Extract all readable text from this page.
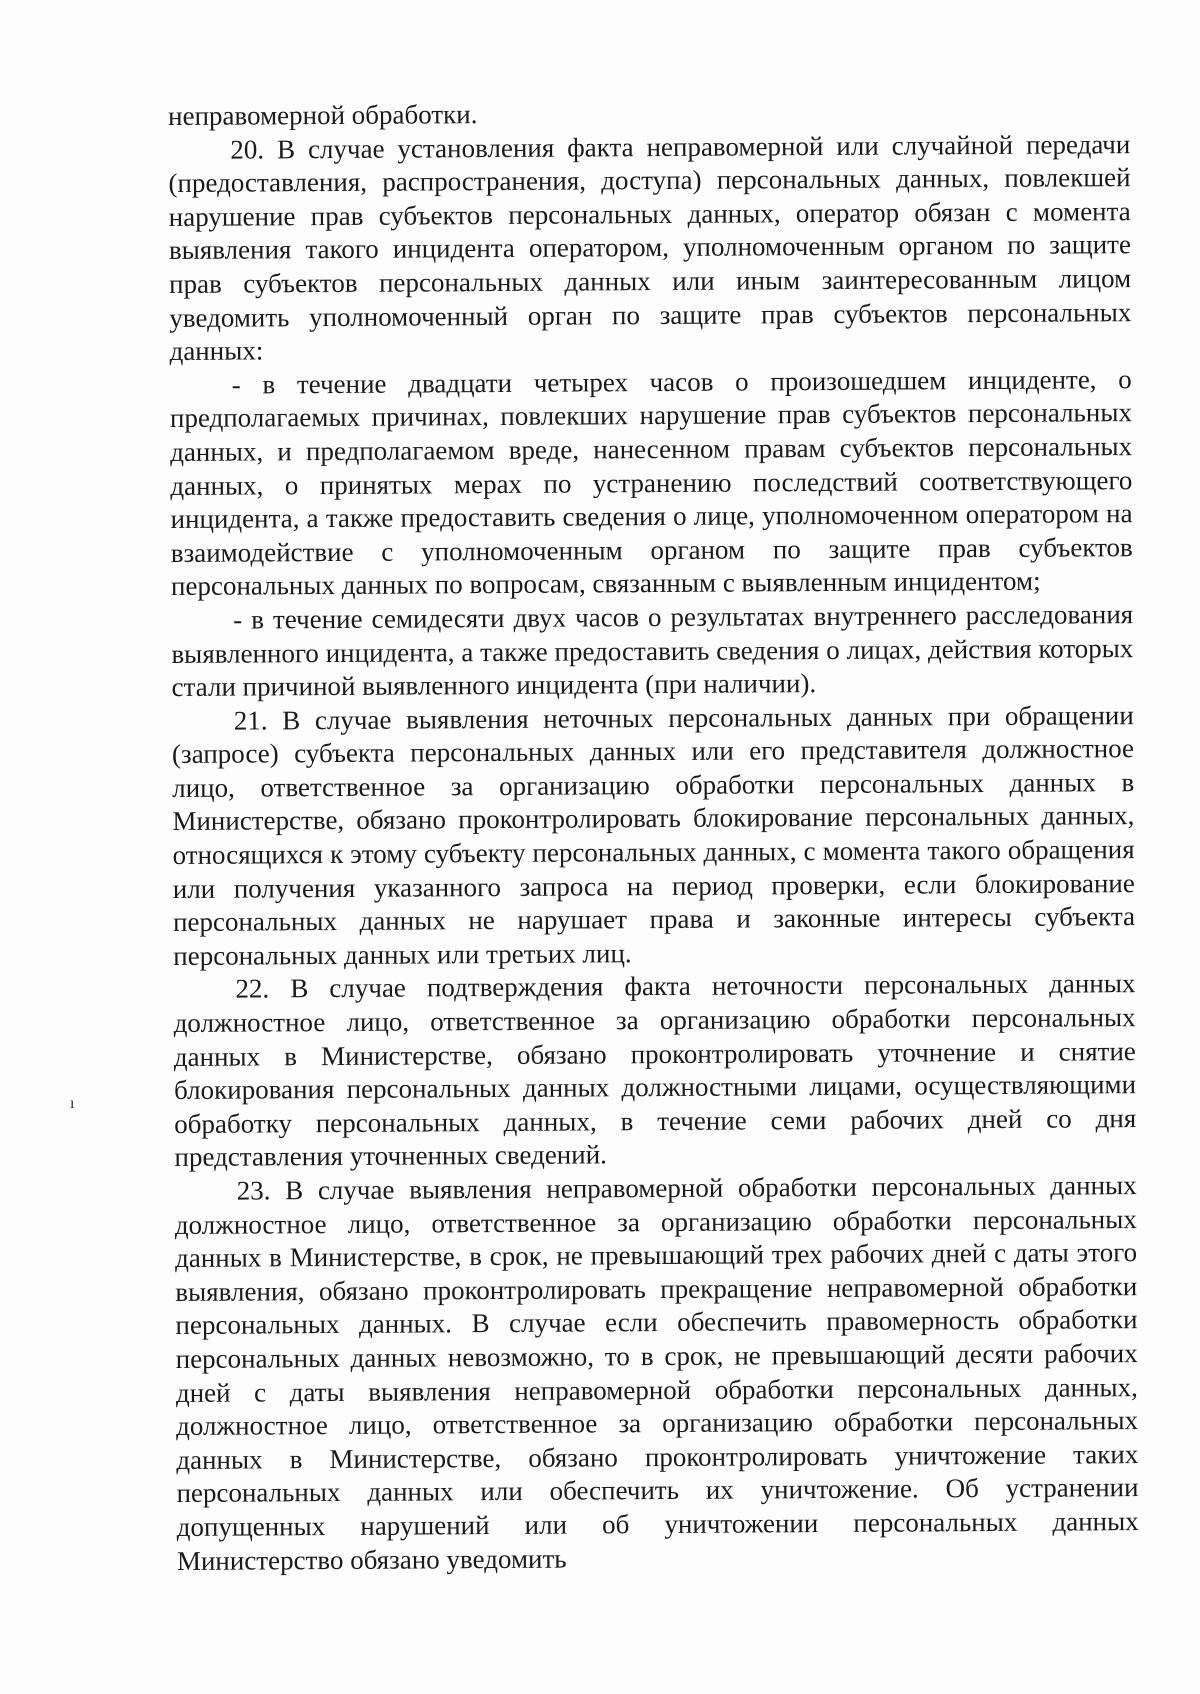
неправомерной обработки.

20. В случае установления факта неправомерной или случайной передачи (предоставления, распространения, доступа) персональных данных, повлекшей нарушение прав субъектов персональных данных, оператор обязан с момента выявления такого инцидента оператором, уполномоченным органом по защите прав субъектов персональных данных или иным заинтересованным лицом уведомить уполномоченный орган по защите прав субъектов персональных данных:

- в течение двадцати четырех часов о произошедшем инциденте, о предполагаемых причинах, повлекших нарушение прав субъектов персональных данных, и предполагаемом вреде, нанесенном правам субъектов персональных данных, о принятых мерах по устранению последствий соответствующего инцидента, а также предоставить сведения о лице, уполномоченном оператором на взаимодействие с уполномоченным органом по защите прав субъектов персональных данных по вопросам, связанным с выявленным инцидентом;

- в течение семидесяти двух часов о результатах внутреннего расследования выявленного инцидента, а также предоставить сведения о лицах, действия которых стали причиной выявленного инцидента (при наличии).

21. В случае выявления неточных персональных данных при обращении (запросе) субъекта персональных данных или его представителя должностное лицо, ответственное за организацию обработки персональных данных в Министерстве, обязано проконтролировать блокирование персональных данных, относящихся к этому субъекту персональных данных, с момента такого обращения или получения указанного запроса на период проверки, если блокирование персональных данных не нарушает права и законные интересы субъекта персональных данных или третьих лиц.

22. В случае подтверждения факта неточности персональных данных должностное лицо, ответственное за организацию обработки персональных данных в Министерстве, обязано проконтролировать уточнение и снятие блокирования персональных данных должностными лицами, осуществляющими обработку персональных данных, в течение семи рабочих дней со дня представления уточненных сведений.

23. В случае выявления неправомерной обработки персональных данных должностное лицо, ответственное за организацию обработки персональных данных в Министерстве, в срок, не превышающий трех рабочих дней с даты этого выявления, обязано проконтролировать прекращение неправомерной обработки персональных данных. В случае если обеспечить правомерность обработки персональных данных невозможно, то в срок, не превышающий десяти рабочих дней с даты выявления неправомерной обработки персональных данных, должностное лицо, ответственное за организацию обработки персональных данных в Министерстве, обязано проконтролировать уничтожение таких персональных данных или обеспечить их уничтожение. Об устранении допущенных нарушений или об уничтожении персональных данных Министерство обязано уведомить

ı
